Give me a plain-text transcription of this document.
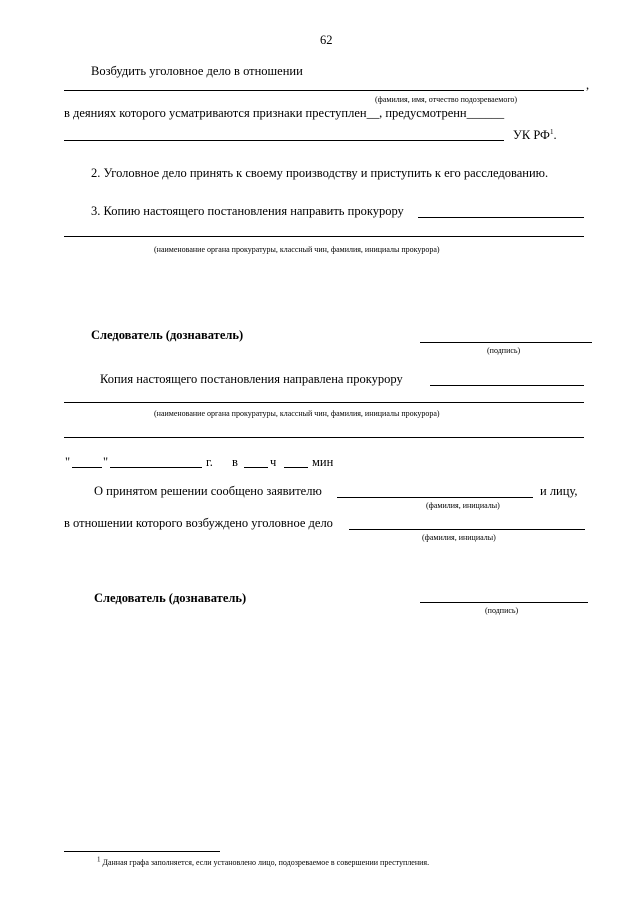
62
Возбудить уголовное дело в отношении
,
(фамилия, имя, отчество подозреваемого)
в деяниях которого усматриваются признаки преступлен__, предусмотренн______
УК $РФ^1$.
2. Уголовное дело принять к своему производству и приступить к его расследованию.
3. Копию настоящего постановления направить прокурору
(наименование органа прокуратуры, классный чин, фамилия, инициалы прокурора)
Следователь (дознаватель)
(подпись)
Копия настоящего постановления направлена прокурору
(наименование органа прокуратуры, классный чин, фамилия, инициалы прокурора)
"	"	г. в	ч	мин
О принятом решении сообщено заявителю	и лицу,
(фамилия, инициалы)
в отношении которого возбуждено уголовное дело
(фамилия, инициалы)
Следователь (дознаватель)
(подпись)
$^1$ Данная графа заполняется, если установлено лицо, подозреваемое в совершении преступления.
